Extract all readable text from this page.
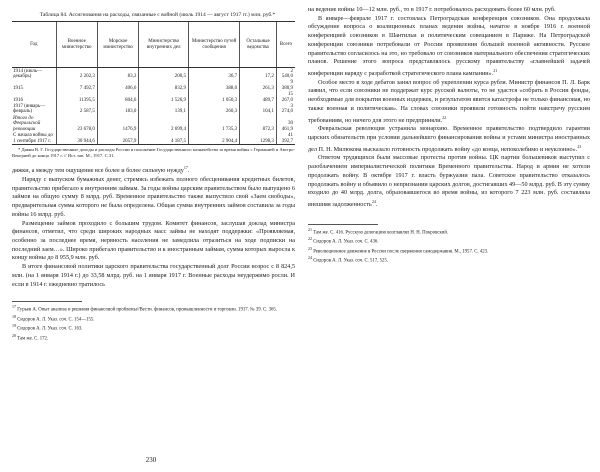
Таблица 84. Ассигнования на расходы, связанные с войной (июль 1914 — август 1917 гг.) млн. руб.*
Год	Военное министерство	Морское министерство	Министерство внутренних дел	Министерство путей сообщения	Остальные ведомства	Всего
1914 (июль—декабрь)	2 202,3	83,3	200,5	36,7	17,2	2 540,0
1915	7 492,7	406,6	832,9	388,0	261,3	9 380,9
1916	11395,5	804,6	1 526,9	1 050,3	489,7	15 267,0
1917 (январь—февраль)	2 587,5	183,0	139,1	260,3	104,1	3 274,0
Итого до Февральской революции	23 678,0	1476,9	2 699,4	1 735,3	872,3	30 461,9
С начала войны до 1 сентября 1917 г.	30 944,6	2057,9	4 187,5	2 904,4	1298,3	41 392,7
* Дякин В. Г. Государственные доходы и расходы России и положение Государственного казначейства за время войны с Германией и Австро-Венгрией до конца 1917 г. // Ист. зап. М., 1917. С.31.

дяжки, а между тем ощущение все более и более сильную нужду$^{17}$.

Наряду с выпуском бумажных денег, стремясь избежать полного обесценивания кредитных билетов, правительство прибегало к внутренним займам. За годы войны царским правительством было выпущено 6 займов на общую сумму 8 млрд. руб. Временное правительство также выпустило свой «Заем свободы», предварительная сумма которого не была определена. Общая сумма внутренних займов составила за годы войны 16 млрд. руб.

Размещение займов проходило с большим трудом. Комитет финансов, заслушав доклад министра финансов, отметил, что среди широких народных масс займы не находят поддержки: «Проявляемая, особенно за последнее время, нервность населения не замедлила отразиться на ходе подписки на последний заем…». Широко прибегало правительство и к иностранным займам, сумма которых выросла к концу войны до 8 955,9 млн. руб.

В итоге финансовой политики царского правительства государственный долг России возрос с 8 824,5 млн. (на 1 января 1914 г.) до 33,58 млрд. руб. на 1 января 1917 г. Военные расходы неудержимо росли. И если в 1914 г. ежедневно тратилось

$^{17}$ Гурьев А. Опыт анализа и решения финансовой проблемы//Вестн. финансов, промышленности и торговли. 1917. № 39. С. 365.
$^{18}$ Сидоров А. Л. Указ. соч. С. 154—155.
$^{19}$ Сидоров А. Л. Указ. соч. С. 163.
$^{20}$ Там же. С. 172.
230

на ведение войны 10—12 млн. руб., то в 1917 г. потребовалось расходовать более 60 млн. руб.

В январе—феврале 1917 г. состоялась Петроградская конференция союзников. Она продолжала обсуждение вопроса о коалиционных планах ведения войны, начатое в ноябре 1916 г. военной конференцией союзников в Шантильи и политическим совещанием в Париже. На Петроградской конференции союзники потребовали от России проявления большей военной активности. Русское правительство согласилось на это, но требовало от союзников материального обеспечения стратегических планов. Решение этого вопроса представлялось русскому правительству «главнейшей задачей конференции наряду с разработкой стратегического плана кампании».$^{21}$

Особое место в ходе дебатов занял вопрос об укреплении курса рубля. Министр финансов П. Л. Барк заявил, что если союзники не поддержат курс русской валюты, то не удастся «собрать в России фонды, необходимые для покрытия военных издержек, и результатом явится катастрофа не только финансовая, но также военная и политическая». На словах союзники проявили готовность пойти навстречу русским требованиям, но ничего для этого не предприняли.$^{22}$

Февральская революция устранила монархию. Временное правительство подтвердило гарантии царских обязательств при условии дальнейшего финансирования войны и устами министра иностранных дел П. Н. Милюкова высказало готовность продолжать войну «до конца, непоколебимо и неуклонно».$^{23}$

Ответом трудящихся были массовые протесты против войны. ЦК партии большевиков выступил с разоблачением империалистической политики Временного правительства. Народ и армия не хотели продолжать войну. В октябре 1917 г. власть буржуазии пала. Советское правительство отказалось продолжать войну и объявило о непризнании царских долгов, достигавших 49—50 млрд. руб. В эту сумму входило до 40 млрд. долга, образовавшегося во время войны, из которого 7 223 млн. руб. составляла внешняя задолженность$^{24}$.

$^{21}$ Там же. С. 416. Русскую делегацию возглавлял Н. Н. Покровский.
$^{22}$ Сидоров А. Л. Указ. соч. С. 436.
$^{23}$ Революционное движение в России после свержения самодержавия. М., 1957. С. 423.
$^{24}$ Сидоров А. Л. Указ. соч. С. 517, 525.
